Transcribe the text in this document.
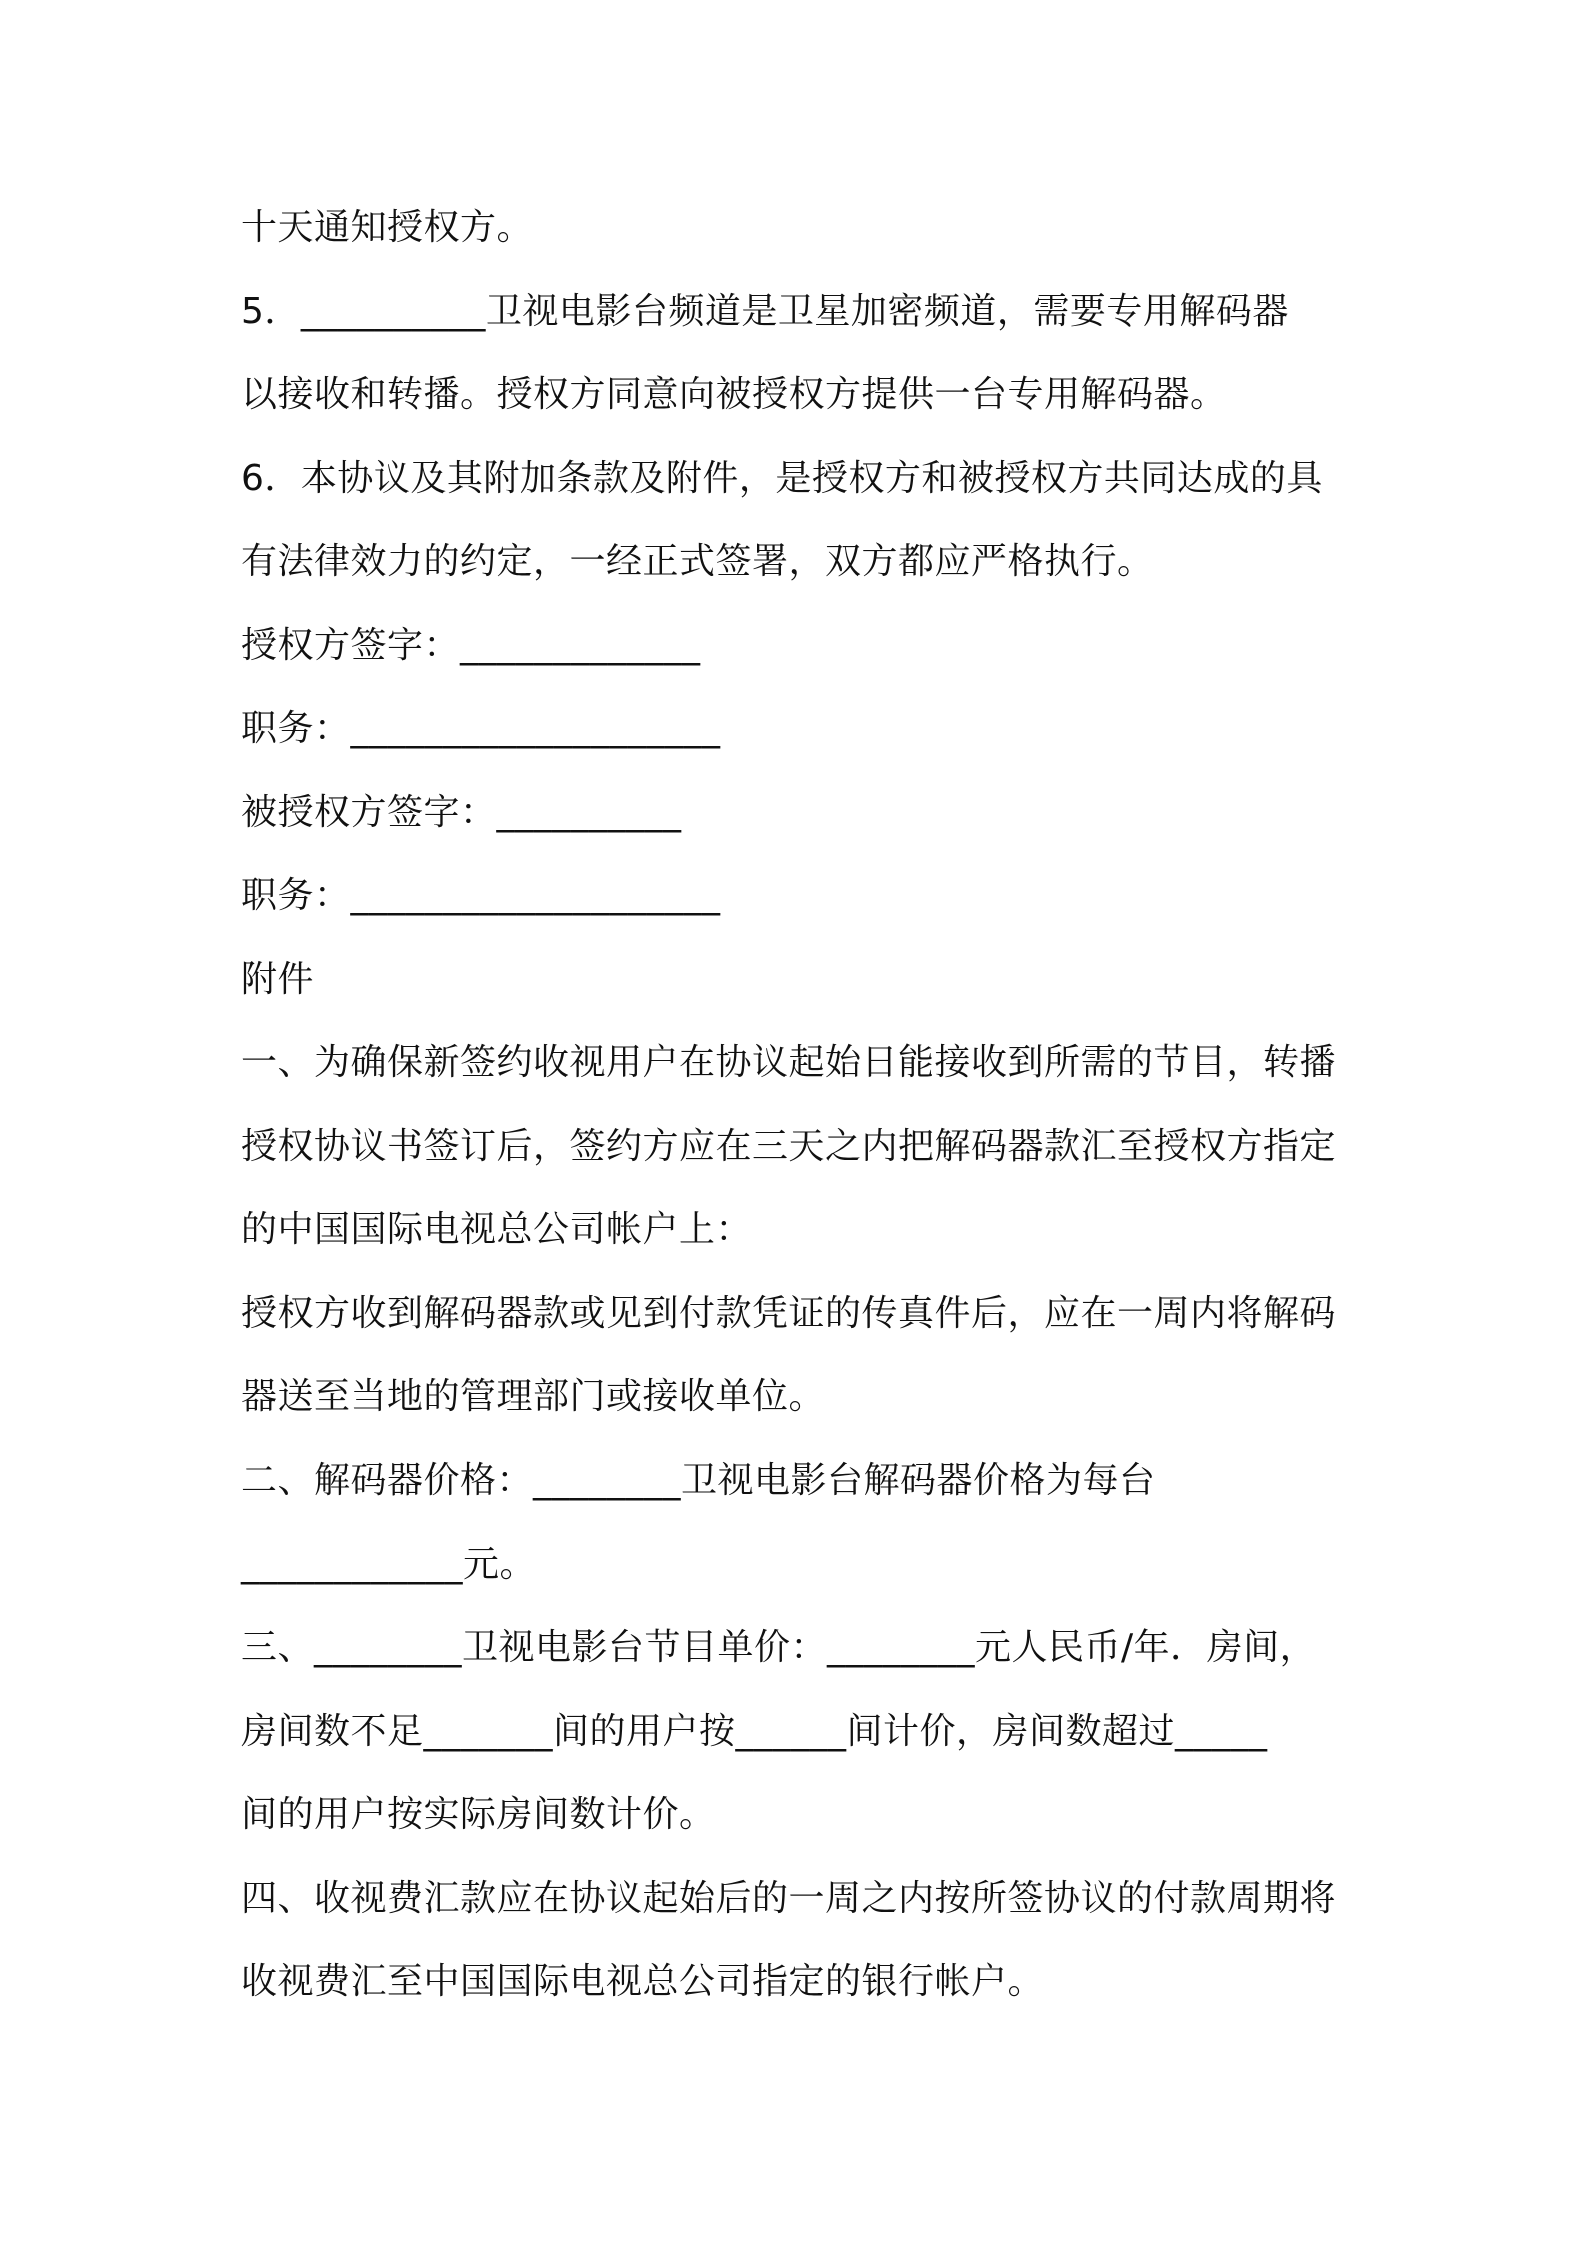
十天通知授权方。
5．__________卫视电影台频道是卫星加密频道，需要专用解码器
以接收和转播。授权方同意向被授权方提供一台专用解码器。
6．本协议及其附加条款及附件，是授权方和被授权方共同达成的具
有法律效力的约定，一经正式签署，双方都应严格执行。
授权方签字：_____________
职务：____________________
被授权方签字：__________
职务：____________________
附件
一、为确保新签约收视用户在协议起始日能接收到所需的节目，转播
授权协议书签订后，签约方应在三天之内把解码器款汇至授权方指定
的中国国际电视总公司帐户上：
授权方收到解码器款或见到付款凭证的传真件后，应在一周内将解码
器送至当地的管理部门或接收单位。
二、解码器价格：________卫视电影台解码器价格为每台
____________元。
三、________卫视电影台节目单价：________元人民币/年．房间，
房间数不足_______间的用户按______间计价，房间数超过_____
间的用户按实际房间数计价。
四、收视费汇款应在协议起始后的一周之内按所签协议的付款周期将
收视费汇至中国国际电视总公司指定的银行帐户。
